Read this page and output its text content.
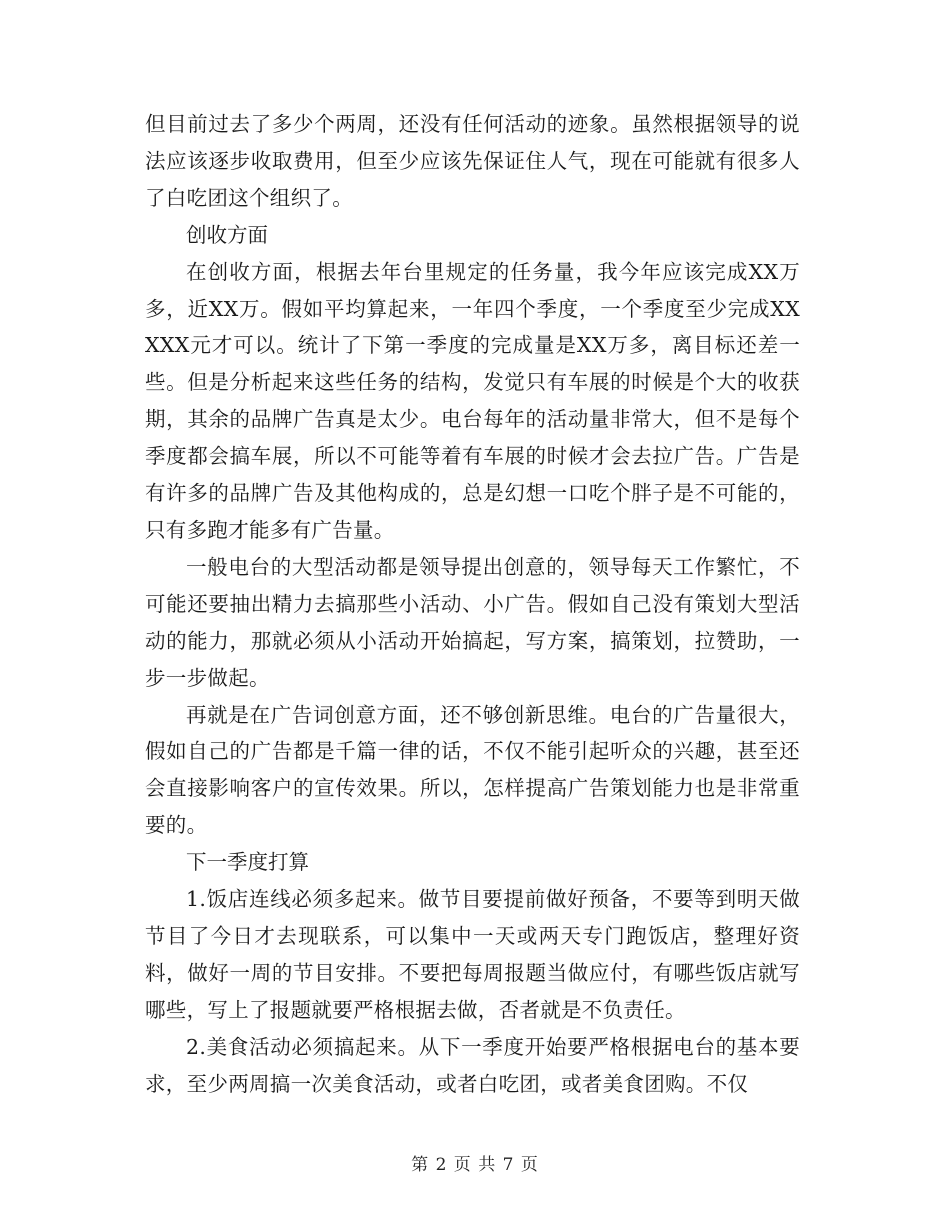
但目前过去了多少个两周，还没有任何活动的迹象。虽然根据领导的说法应该逐步收取费用，但至少应该先保证住人气，现在可能就有很多人了白吃团这个组织了。

创收方面

在创收方面，根据去年台里规定的任务量，我今年应该完成XX万多，近XX万。假如平均算起来，一年四个季度，一个季度至少完成XXXXX元才可以。统计了下第一季度的完成量是XX万多，离目标还差一些。但是分析起来这些任务的结构，发觉只有车展的时候是个大的收获期，其余的品牌广告真是太少。电台每年的活动量非常大，但不是每个季度都会搞车展，所以不可能等着有车展的时候才会去拉广告。广告是有许多的品牌广告及其他构成的，总是幻想一口吃个胖子是不可能的，只有多跑才能多有广告量。

一般电台的大型活动都是领导提出创意的，领导每天工作繁忙，不可能还要抽出精力去搞那些小活动、小广告。假如自己没有策划大型活动的能力，那就必须从小活动开始搞起，写方案，搞策划，拉赞助，一步一步做起。

再就是在广告词创意方面，还不够创新思维。电台的广告量很大，假如自己的广告都是千篇一律的话，不仅不能引起听众的兴趣，甚至还会直接影响客户的宣传效果。所以，怎样提高广告策划能力也是非常重要的。

下一季度打算

1.饭店连线必须多起来。做节目要提前做好预备，不要等到明天做节目了今日才去现联系，可以集中一天或两天专门跑饭店，整理好资料，做好一周的节目安排。不要把每周报题当做应付，有哪些饭店就写哪些，写上了报题就要严格根据去做，否者就是不负责任。

2.美食活动必须搞起来。从下一季度开始要严格根据电台的基本要求，至少两周搞一次美食活动，或者白吃团，或者美食团购。不仅

第 2 页 共 7 页
